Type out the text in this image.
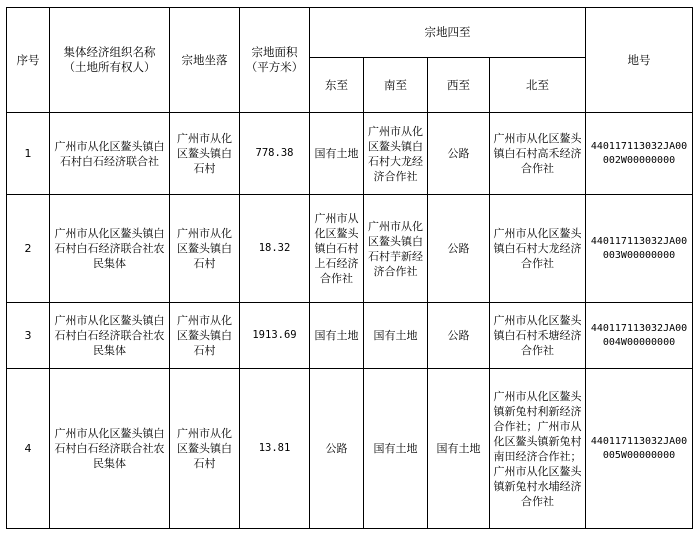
序号	集体经济组织名称（土地所有权人）	宗地坐落	宗地面积（平方米）	宗地四至				地号
				东至	南至	西至	北至	
1	广州市从化区鳌头镇白石村白石经济联合社	广州市从化区鳌头镇白石村	778.38	国有土地	广州市从化区鳌头镇白石村大龙经济合作社	公路	广州市从化区鳌头镇白石村高禾经济合作社	440117113032JA00002W00000000
2	广州市从化区鳌头镇白石村白石经济联合社农民集体	广州市从化区鳌头镇白石村	18.32	广州市从化区鳌头镇白石村上石经济合作社	广州市从化区鳌头镇白石村芋新经济合作社	公路	广州市从化区鳌头镇白石村大龙经济合作社	440117113032JA00003W00000000
3	广州市从化区鳌头镇白石村白石经济联合社农民集体	广州市从化区鳌头镇白石村	1913.69	国有土地	国有土地	公路	广州市从化区鳌头镇白石村禾塘经济合作社	440117113032JA00004W00000000
4	广州市从化区鳌头镇白石村白石经济联合社农民集体	广州市从化区鳌头镇白石村	13.81	公路	国有土地	国有土地	广州市从化区鳌头镇新兔村利新经济合作社；广州市从化区鳌头镇新兔村南田经济合作社；广州市从化区鳌头镇新兔村水埔经济合作社	440117113032JA00005W00000000
